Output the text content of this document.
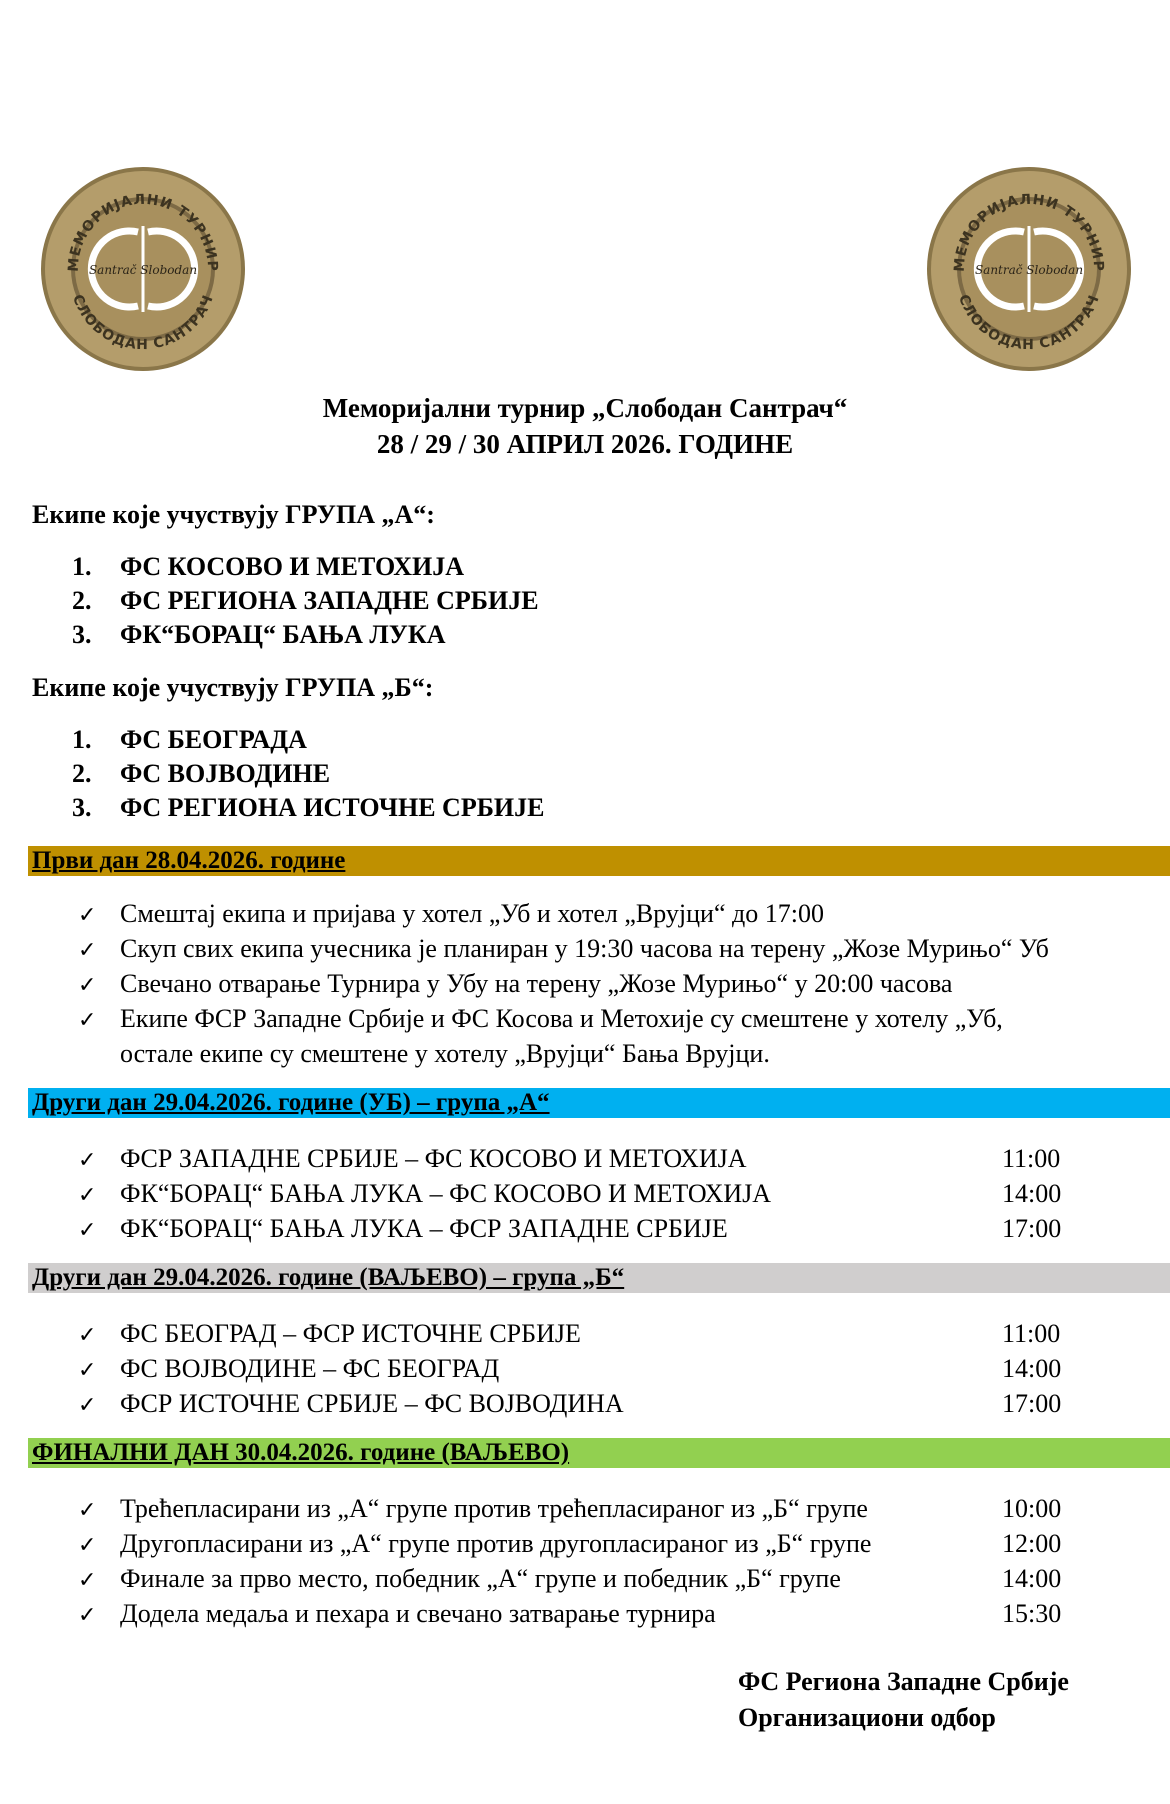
МЕМОРИЈАЛНИ ТУРНИР
СЛОБОДАН САНТРАЧ
Santrač Slobodan	МЕМОРИЈАЛНИ ТУРНИР
СЛОБОДАН САНТРАЧ
Santrač Slobodan
Меморијални турнир „Слободан Сантрач“
28 / 29 / 30 АПРИЛ 2026. ГОДИНЕ
Екипе које учуствују ГРУПА „А“:
1.	ФС КОСОВО И МЕТОХИЈА
2.	ФС РЕГИОНА ЗАПАДНЕ СРБИЈЕ
3.	ФК“БОРАЦ“ БАЊА ЛУКА
Екипе које учуствују ГРУПА „Б“:
1.	ФС БЕОГРАДА
2.	ФС ВОЈВОДИНЕ
3.	ФС РЕГИОНА ИСТОЧНЕ СРБИЈЕ
Први дан 28.04.2026. године
✓ Смештај екипа и пријава у хотел „Уб и хотел „Врујци“ до 17:00
✓ Скуп свих екипа учесника је планиран у 19:30 часова на терену „Жозе Мурињо“ Уб
✓ Свечано отварање Турнира у Убу на терену „Жозе Мурињо“ у 20:00 часова
✓ Екипе ФСР Западне Србије и ФС Косова и Метохије су смештене у хотелу „Уб,
остале екипе су смештене у хотелу „Врујци“ Бања Врујци.
Други дан 29.04.2026. године (УБ) – група „А“
✓ ФСР ЗАПАДНЕ СРБИЈЕ – ФС КОСОВО И МЕТОХИЈА	11:00
✓ ФК“БОРАЦ“ БАЊА ЛУКА – ФС КОСОВО И МЕТОХИЈА	14:00
✓ ФК“БОРАЦ“ БАЊА ЛУКА – ФСР ЗАПАДНЕ СРБИЈЕ	17:00
Други дан 29.04.2026. године (ВАЉЕВО) – група „Б“
✓ ФС БЕОГРАД – ФСР ИСТОЧНЕ СРБИЈЕ	11:00
✓ ФС ВОЈВОДИНЕ – ФС БЕОГРАД	14:00
✓ ФСР ИСТОЧНЕ СРБИЈЕ – ФС ВОЈВОДИНА	17:00
ФИНАЛНИ ДАН 30.04.2026. године (ВАЉЕВО)
✓ Трећепласирани из „А“ групе против трећепласираног из „Б“ групе	10:00
✓ Другопласирани из „А“ групе против другопласираног из „Б“ групе	12:00
✓ Финале за прво место, победник „А“ групе и победник „Б“ групе	14:00
✓ Додела медаља и пехара и свечано затварање турнира	15:30
ФС Региона Западне Србије
Организациони одбор
